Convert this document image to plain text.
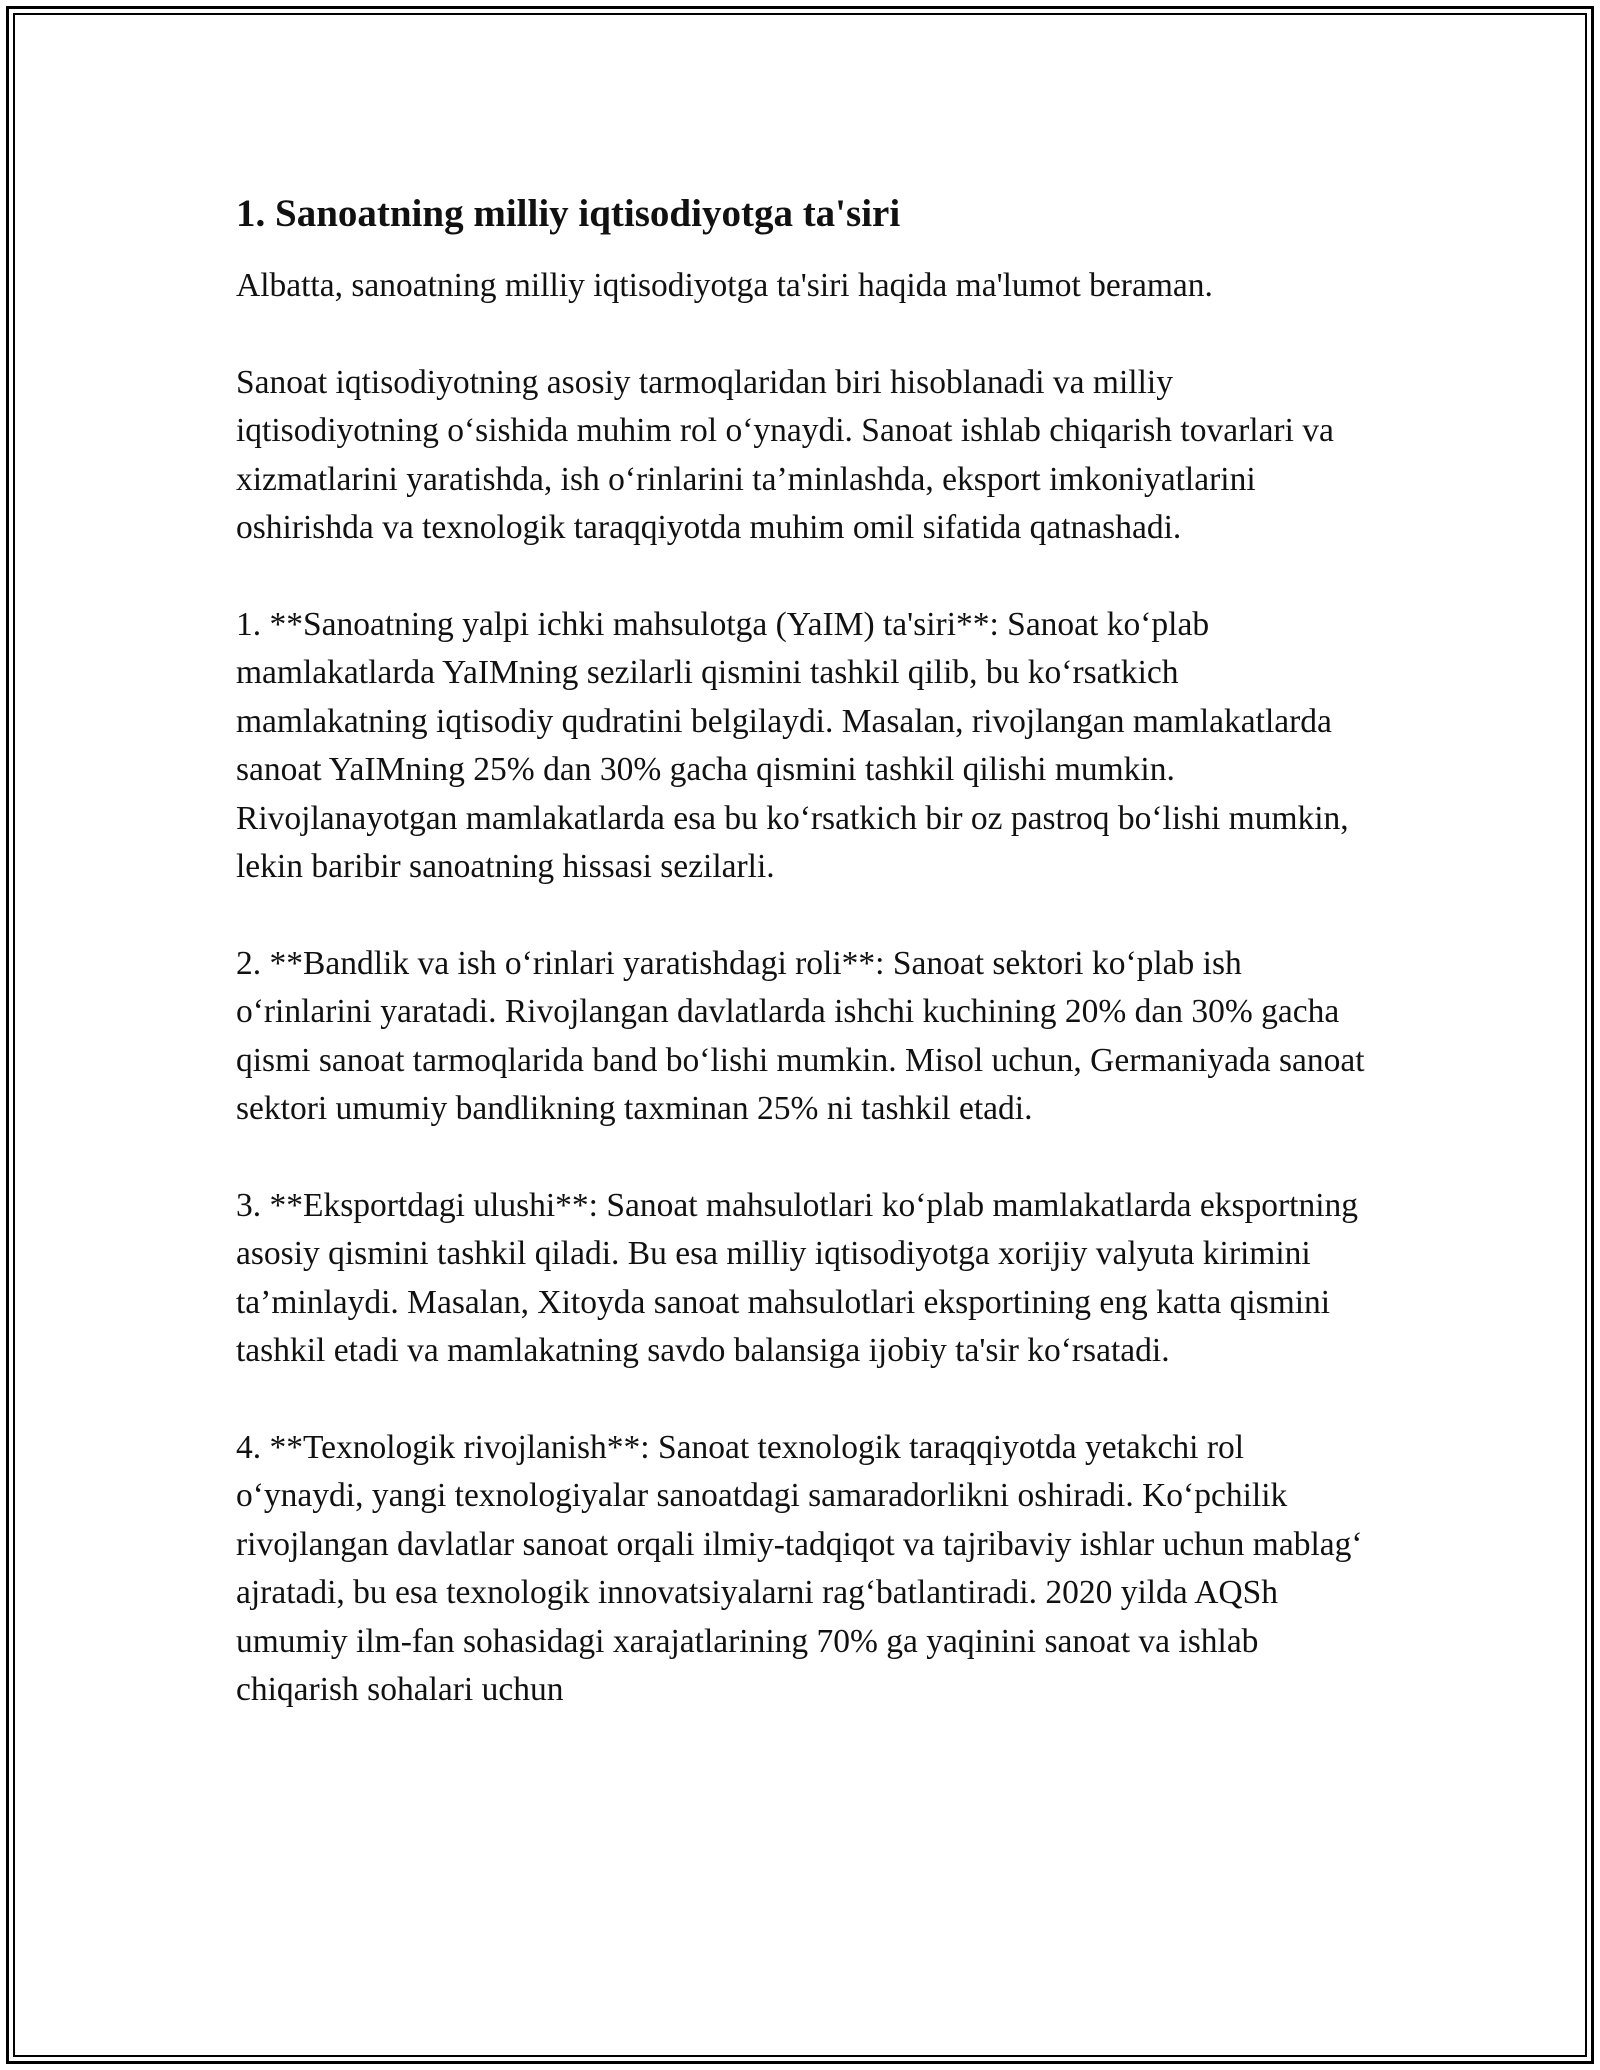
1. Sanoatning milliy iqtisodiyotga ta'siri

Albatta, sanoatning milliy iqtisodiyotga ta'siri haqida ma'lumot beraman.

Sanoat iqtisodiyotning asosiy tarmoqlaridan biri hisoblanadi va milliy iqtisodiyotning o‘sishida muhim rol o‘ynaydi. Sanoat ishlab chiqarish tovarlari va xizmatlarini yaratishda, ish o‘rinlarini ta’minlashda, eksport imkoniyatlarini oshirishda va texnologik taraqqiyotda muhim omil sifatida qatnashadi.

1. **Sanoatning yalpi ichki mahsulotga (YaIM) ta'siri**: Sanoat ko‘plab mamlakatlarda YaIMning sezilarli qismini tashkil qilib, bu ko‘rsatkich mamlakatning iqtisodiy qudratini belgilaydi. Masalan, rivojlangan mamlakatlarda sanoat YaIMning 25% dan 30% gacha qismini tashkil qilishi mumkin. Rivojlanayotgan mamlakatlarda esa bu ko‘rsatkich bir oz pastroq bo‘lishi mumkin, lekin baribir sanoatning hissasi sezilarli.

2. **Bandlik va ish o‘rinlari yaratishdagi roli**: Sanoat sektori ko‘plab ish o‘rinlarini yaratadi. Rivojlangan davlatlarda ishchi kuchining 20% dan 30% gacha qismi sanoat tarmoqlarida band bo‘lishi mumkin. Misol uchun, Germaniyada sanoat sektori umumiy bandlikning taxminan 25% ni tashkil etadi.

3. **Eksportdagi ulushi**: Sanoat mahsulotlari ko‘plab mamlakatlarda eksportning asosiy qismini tashkil qiladi. Bu esa milliy iqtisodiyotga xorijiy valyuta kirimini ta’minlaydi. Masalan, Xitoyda sanoat mahsulotlari eksportining eng katta qismini tashkil etadi va mamlakatning savdo balansiga ijobiy ta'sir ko‘rsatadi.

4. **Texnologik rivojlanish**: Sanoat texnologik taraqqiyotda yetakchi rol o‘ynaydi, yangi texnologiyalar sanoatdagi samaradorlikni oshiradi. Ko‘pchilik rivojlangan davlatlar sanoat orqali ilmiy-tadqiqot va tajribaviy ishlar uchun mablag‘ ajratadi, bu esa texnologik innovatsiyalarni rag‘batlantiradi. 2020 yilda AQSh umumiy ilm-fan sohasidagi xarajatlarining 70% ga yaqinini sanoat va ishlab chiqarish sohalari uchun
